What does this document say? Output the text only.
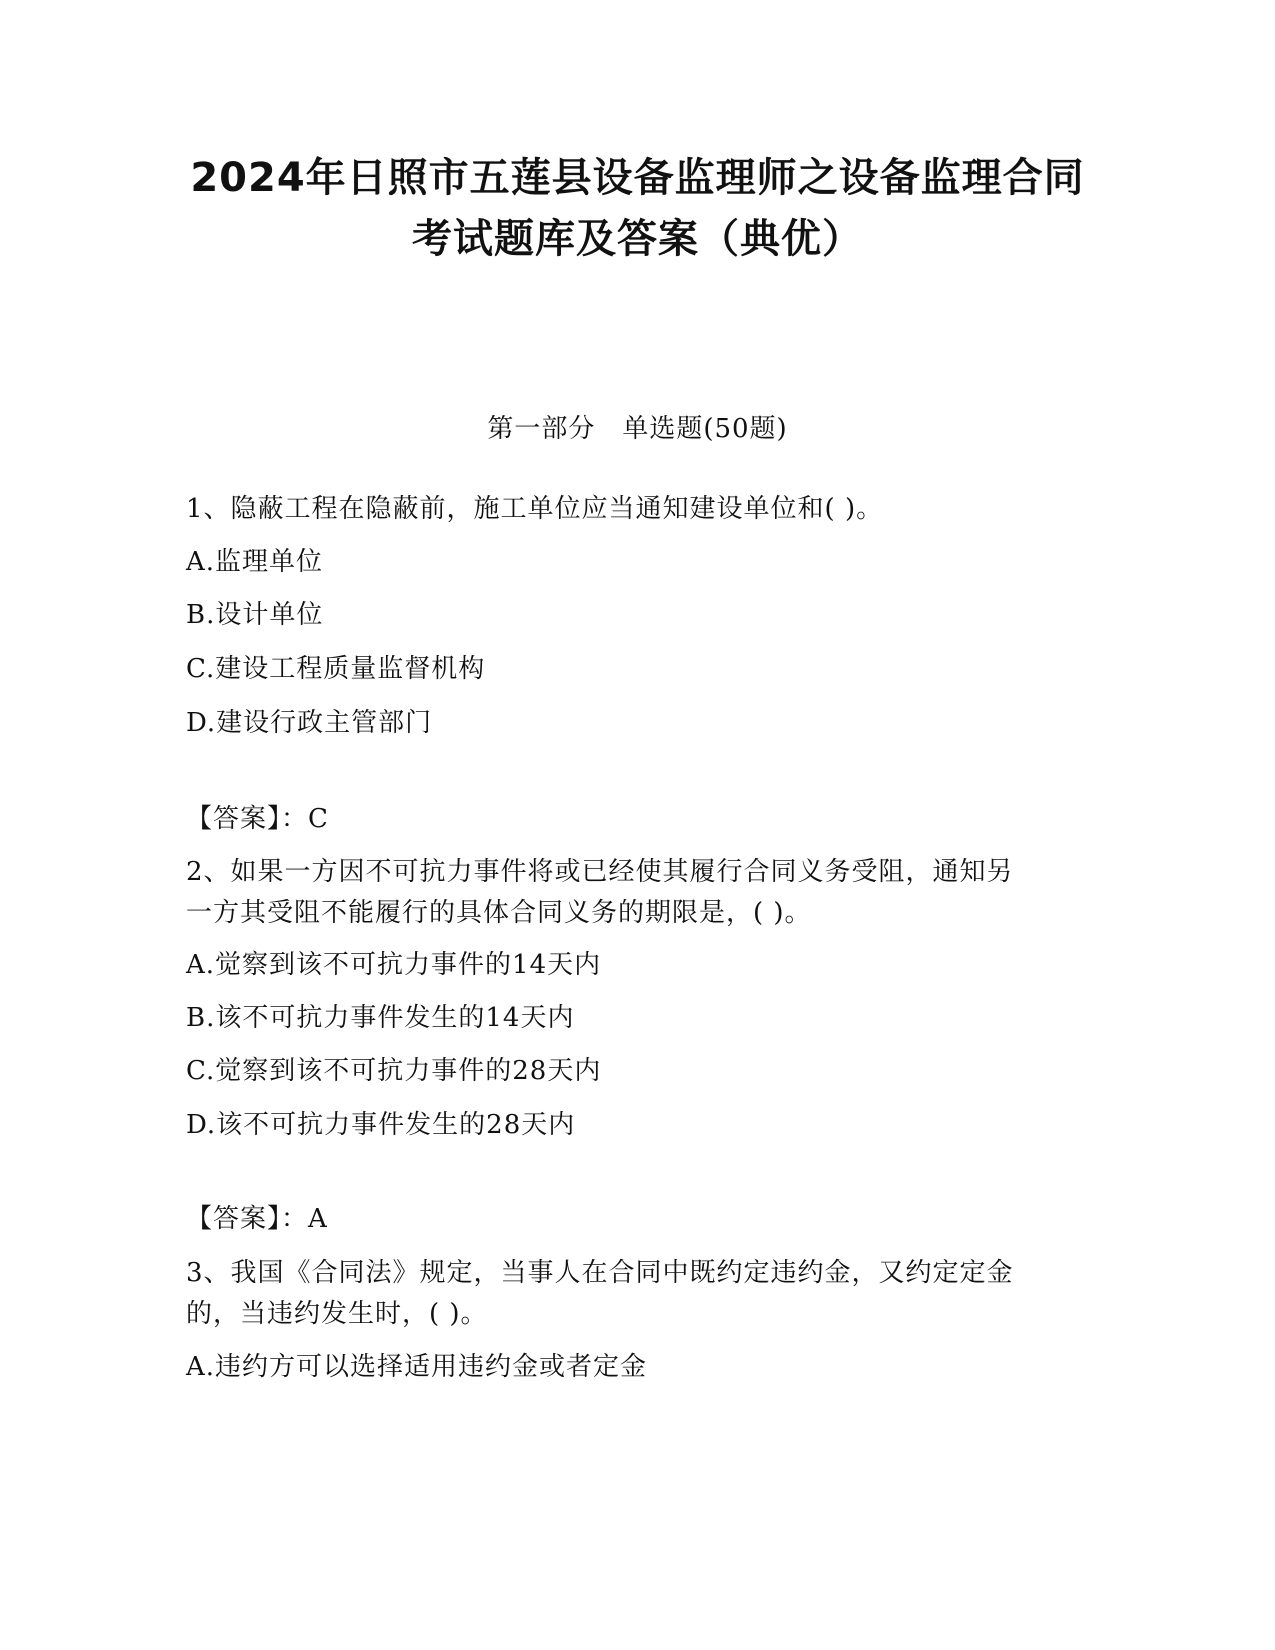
2024年日照市五莲县设备监理师之设备监理合同
考试题库及答案（典优）
第一部分　单选题(50题)
1、隐蔽工程在隐蔽前，施工单位应当通知建设单位和( )。
A.监理单位
B.设计单位
C.建设工程质量监督机构
D.建设行政主管部门
【答案】：C
2、如果一方因不可抗力事件将或已经使其履行合同义务受阻，通知另
一方其受阻不能履行的具体合同义务的期限是，( )。
A.觉察到该不可抗力事件的14天内
B.该不可抗力事件发生的14天内
C.觉察到该不可抗力事件的28天内
D.该不可抗力事件发生的28天内
【答案】：A
3、我国《合同法》规定，当事人在合同中既约定违约金，又约定定金
的，当违约发生时，( )。
A.违约方可以选择适用违约金或者定金
